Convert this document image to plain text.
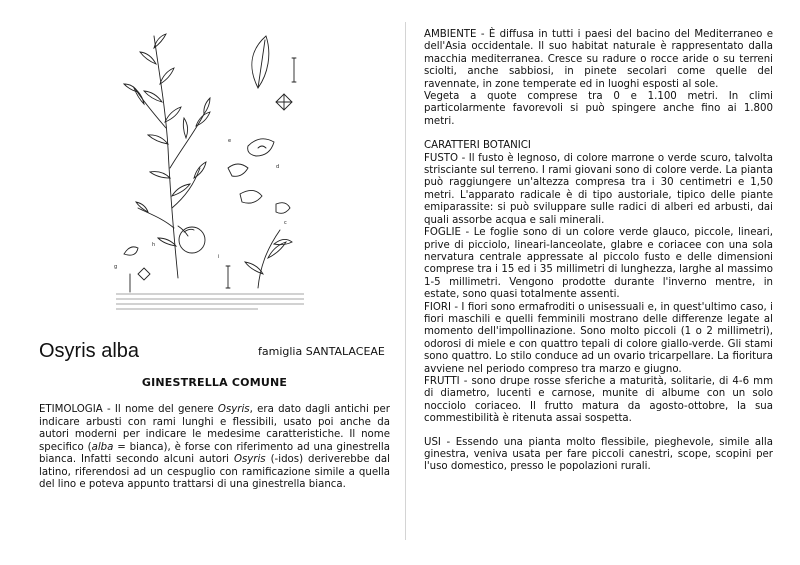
g
h
e
d
c
i
Osyris alba	famiglia SANTALACEAE
GINESTRELLA COMUNE

ETIMOLOGIA - Il nome del genere Osyris, era dato dagli antichi per indicare arbusti con rami lunghi e flessibili, usato poi anche da autori moderni per indicare le medesime caratteristiche. Il nome specifico (alba = bianca), è forse con riferimento ad una ginestrella bianca. Infatti secondo alcuni autori Osyris (-idos) deriverebbe dal latino, riferendosi ad un cespuglio con ramificazione simile a quella del lino e poteva appunto trattarsi di una ginestrella bianca.

AMBIENTE - È diffusa in tutti i paesi del bacino del Mediterraneo e dell'Asia occidentale. Il suo habitat naturale è rappresentato dalla macchia mediterranea. Cresce su radure o rocce aride o su terreni sciolti, anche sabbiosi, in pinete secolari come quelle del ravennate, in zone temperate ed in luoghi esposti al sole.

Vegeta a quote comprese tra 0 e 1.100 metri. In climi particolarmente favorevoli si può spingere anche fino ai 1.800 metri.

CARATTERI BOTANICI

FUSTO - Il fusto è legnoso, di colore marrone o verde scuro, talvolta strisciante sul terreno. I rami giovani sono di colore verde. La pianta può raggiungere un'altezza compresa tra i 30 centimetri e 1,50 metri. L'apparato radicale è di tipo austoriale, tipico delle piante emiparassite: si può sviluppare sulle radici di alberi ed arbusti, dai quali assorbe acqua e sali minerali.

FOGLIE - Le foglie sono di un colore verde glauco, piccole, lineari, prive di picciolo, lineari-lanceolate, glabre e coriacee con una sola nervatura centrale appressate al piccolo fusto e delle dimensioni comprese tra i 15 ed i 35 millimetri di lunghezza, larghe al massimo 1-5 millimetri. Vengono prodotte durante l'inverno mentre, in estate, sono quasi totalmente assenti.

FIORI - I fiori sono ermafroditi o unisessuali e, in quest'ultimo caso, i fiori maschili e quelli femminili mostrano delle differenze legate al momento dell'impollinazione. Sono molto piccoli (1 o 2 millimetri), odorosi di miele e con quattro tepali di colore giallo-verde. Gli stami sono quattro. Lo stilo conduce ad un ovario tricarpellare. La fioritura avviene nel periodo compreso tra marzo e giugno.

FRUTTI - sono drupe rosse sferiche a maturità, solitarie, di 4-6 mm di diametro, lucenti e carnose, munite di albume con un solo nocciolo coriaceo. Il frutto matura da agosto-ottobre, la sua commestibilità è ritenuta assai sospetta.

USI - Essendo una pianta molto flessibile, pieghevole, simile alla ginestra, veniva usata per fare piccoli canestri, scope, scopini per l'uso domestico, presso le popolazioni rurali.
